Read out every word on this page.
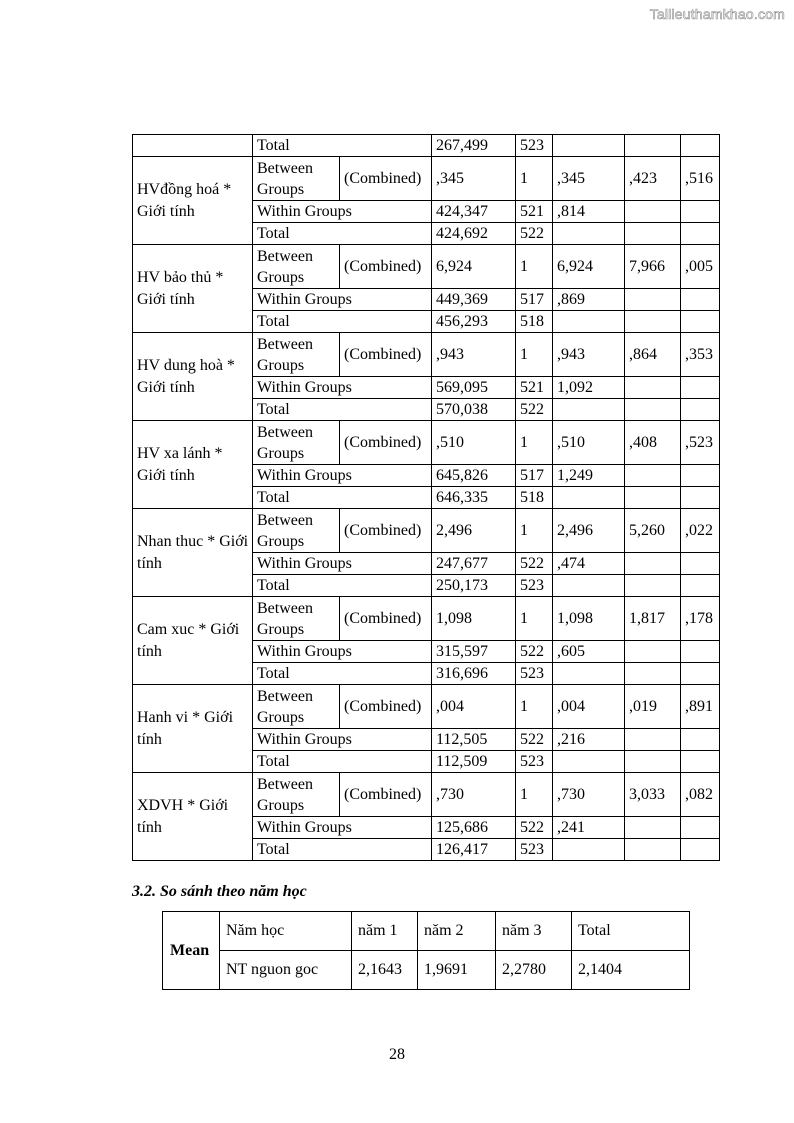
Tailieuthamkhao.com
	Total		267,499	523			
HVđồng hoá * Giới tính	Between Groups	(Combined)	,345	1	,345	,423	,516
	Within Groups		424,347	521	,814		
	Total		424,692	522			
HV bảo thủ * Giới tính	Between Groups	(Combined)	6,924	1	6,924	7,966	,005
	Within Groups		449,369	517	,869		
	Total		456,293	518			
HV dung hoà * Giới tính	Between Groups	(Combined)	,943	1	,943	,864	,353
	Within Groups		569,095	521	1,092		
	Total		570,038	522			
HV xa lánh * Giới tính	Between Groups	(Combined)	,510	1	,510	,408	,523
	Within Groups		645,826	517	1,249		
	Total		646,335	518			
Nhan thuc * Giới tính	Between Groups	(Combined)	2,496	1	2,496	5,260	,022
	Within Groups		247,677	522	,474		
	Total		250,173	523			
Cam xuc * Giới tính	Between Groups	(Combined)	1,098	1	1,098	1,817	,178
	Within Groups		315,597	522	,605		
	Total		316,696	523			
Hanh vi * Giới tính	Between Groups	(Combined)	,004	1	,004	,019	,891
	Within Groups		112,505	522	,216		
	Total		112,509	523			
XDVH * Giới tính	Between Groups	(Combined)	,730	1	,730	3,033	,082
	Within Groups		125,686	522	,241		
	Total		126,417	523			
3.2. So sánh theo năm học
Mean	Năm học	năm 1	năm 2	năm 3	Total
	NT nguon goc	2,1643	1,9691	2,2780	2,1404
28
